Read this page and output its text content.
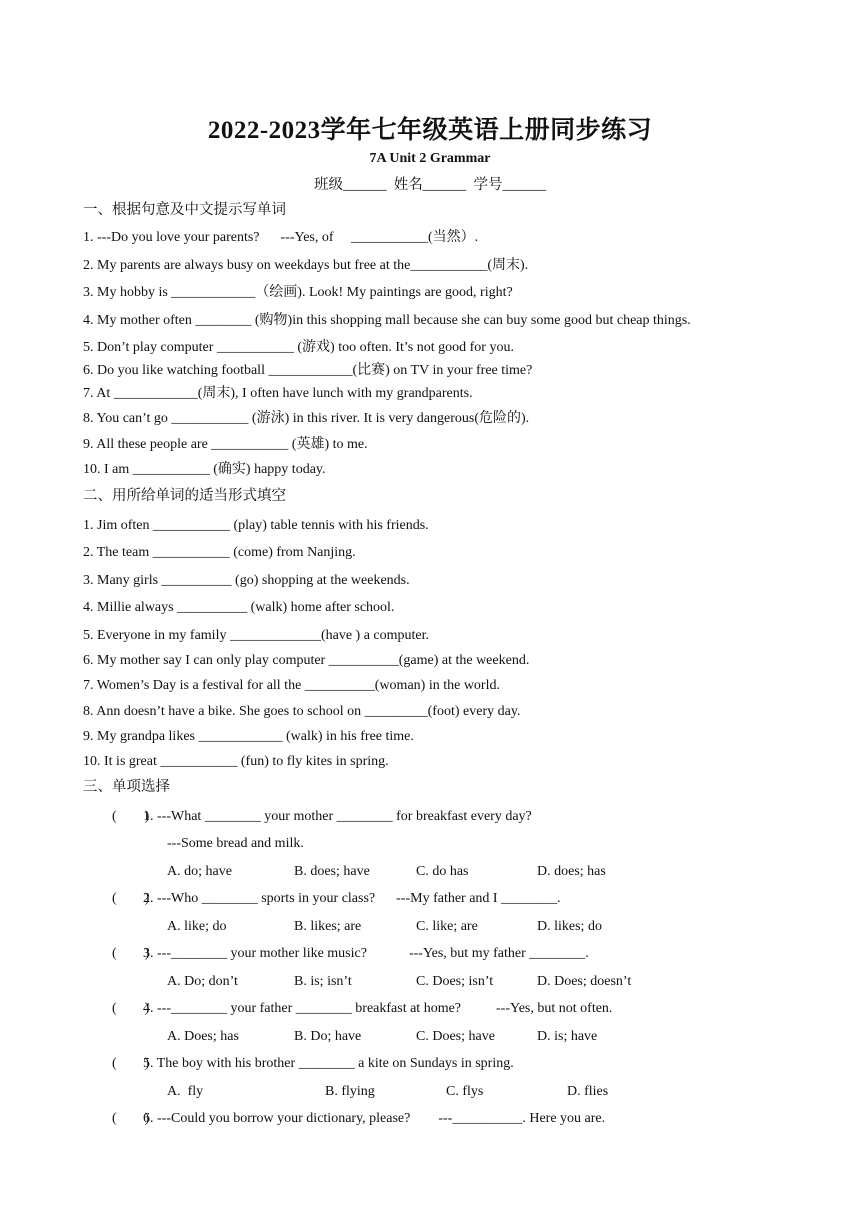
2022-2023学年七年级英语上册同步练习
7A Unit 2 Grammar
班级______  姓名______  学号______
一、根据句意及中文提示写单词
1. ---Do you love your parents?      ---Yes, of     ___________(当然）.
2. My parents are always busy on weekdays but free at the___________(周末).
3. My hobby is ____________（绘画). Look! My paintings are good, right?
4. My mother often ________ (购物)in this shopping mall because she can buy some good but cheap things.
5. Don’t play computer ___________ (游戏) too often. It’s not good for you.
6. Do you like watching football ____________(比赛) on TV in your free time?
7. At ____________(周末), I often have lunch with my grandparents.
8. You can’t go ___________ (游泳) in this river. It is very dangerous(危险的).
9. All these people are ___________ (英雄) to me.
10. I am ___________ (确实) happy today.
二、用所给单词的适当形式填空
1. Jim often ___________ (play) table tennis with his friends.
2. The team ___________ (come) from Nanjing.
3. Many girls __________ (go) shopping at the weekends.
4. Millie always __________ (walk) home after school.
5. Everyone in my family _____________(have ) a computer.
6. My mother say I can only play computer __________(game) at the weekend.
7. Women’s Day is a festival for all the __________(woman) in the world.
8. Ann doesn’t have a bike. She goes to school on _________(foot) every day.
9. My grandpa likes ____________ (walk) in his free time.
10. It is great ___________ (fun) to fly kites in spring.
三、单项选择
(        )
1. ---What ________ your mother ________ for breakfast every day?
---Some bread and milk.
A. do; have	B. does; have	C. do has	D. does; has
(        )
2. ---Who ________ sports in your class?      ---My father and I ________.
A. like; do	B. likes; are	C. like; are	D. likes; do
(        )
3. ---________ your mother like music?            ---Yes, but my father ________.
A. Do; don’t	B. is; isn’t	C. Does; isn’t	D. Does; doesn’t
(        )
4. ---________ your father ________ breakfast at home?          ---Yes, but not often.
A. Does; has	B. Do; have	C. Does; have	D. is; have
(        )
5. The boy with his brother ________ a kite on Sundays in spring.
A.  fly	B. flying	C. flys	D. flies
(        )
6. ---Could you borrow your dictionary, please?        ---__________. Here you are.
